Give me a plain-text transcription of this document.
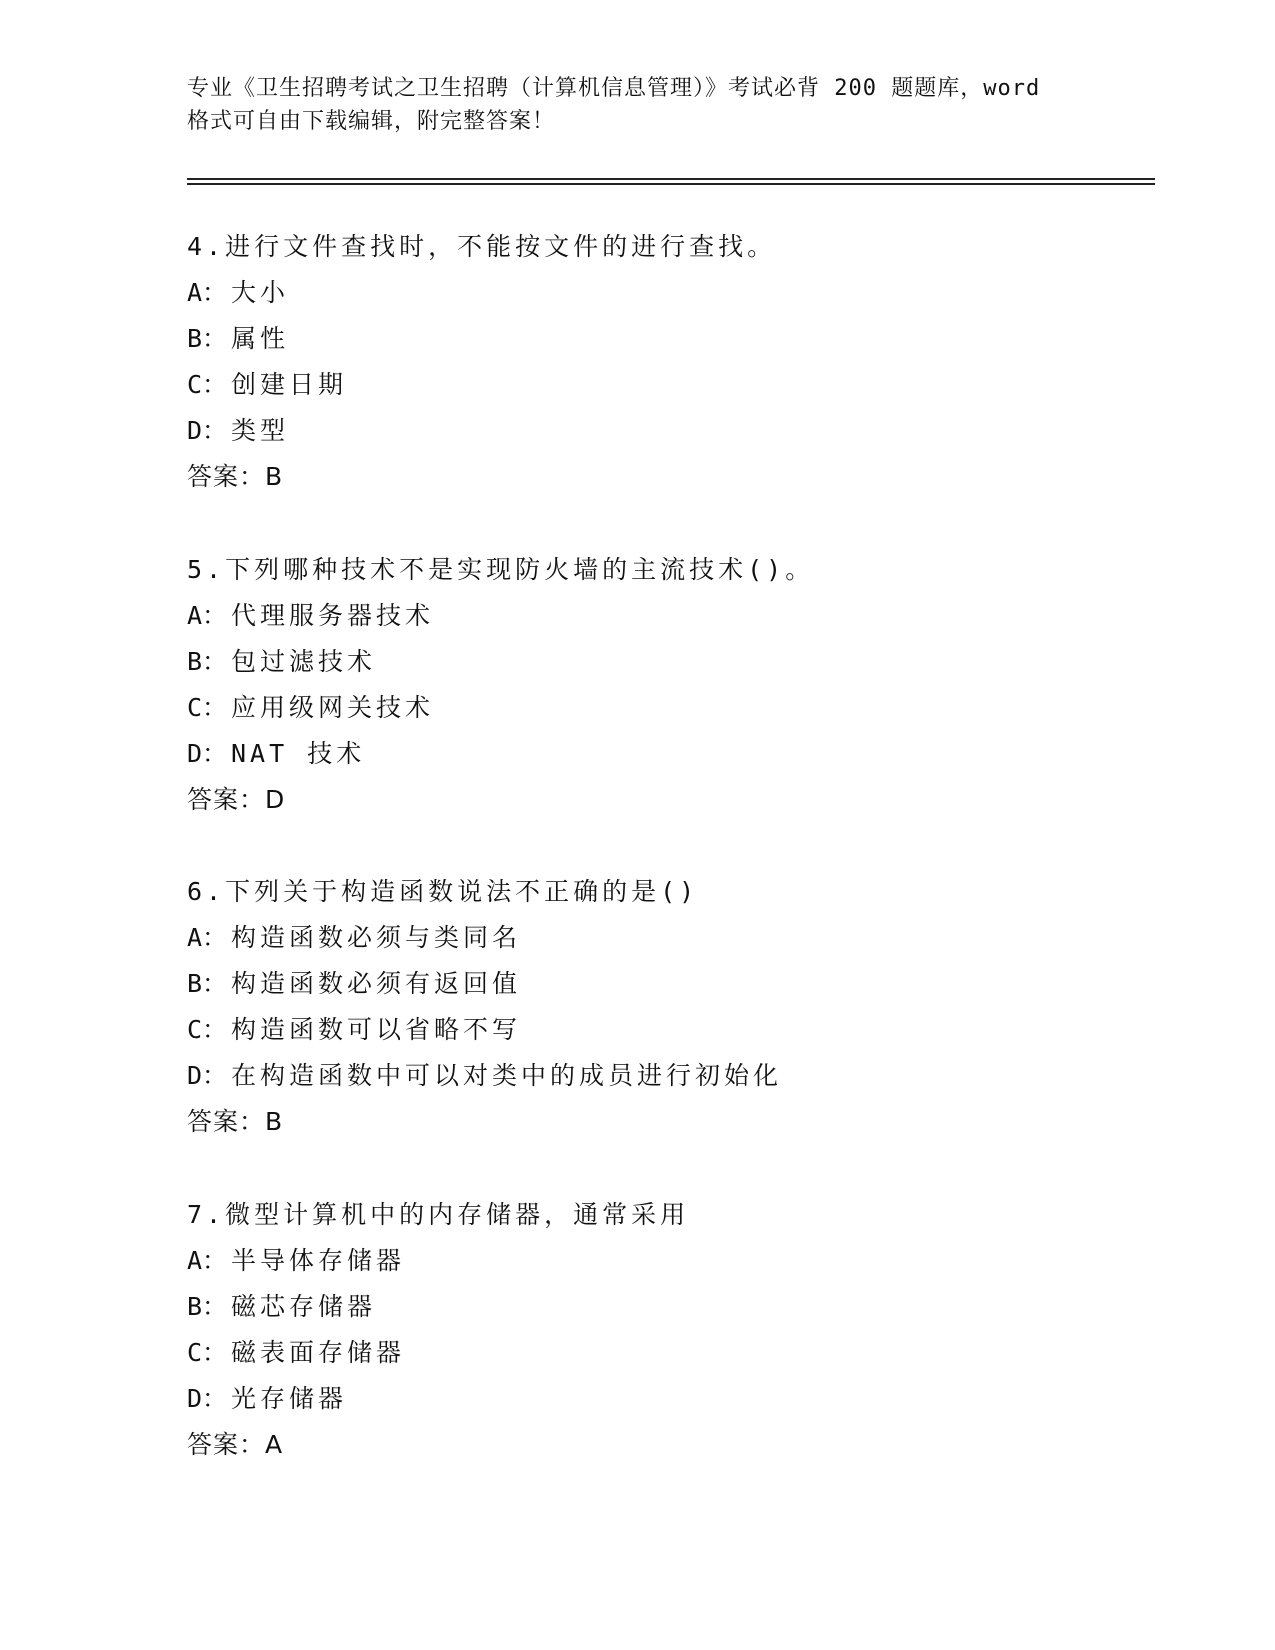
专业《卫生招聘考试之卫生招聘（计算机信息管理）》考试必背 200 题题库，word
格式可自由下载编辑，附完整答案！
4.进行文件查找时，不能按文件的进行查找。
A： 大小
B： 属性
C： 创建日期
D： 类型
答案：B
5.下列哪种技术不是实现防火墙的主流技术()。
A： 代理服务器技术
B： 包过滤技术
C： 应用级网关技术
D： NAT 技术
答案：D
6.下列关于构造函数说法不正确的是()
A： 构造函数必须与类同名
B： 构造函数必须有返回值
C： 构造函数可以省略不写
D： 在构造函数中可以对类中的成员进行初始化
答案：B
7.微型计算机中的内存储器，通常采用
A： 半导体存储器
B： 磁芯存储器
C： 磁表面存储器
D： 光存储器
答案：A
